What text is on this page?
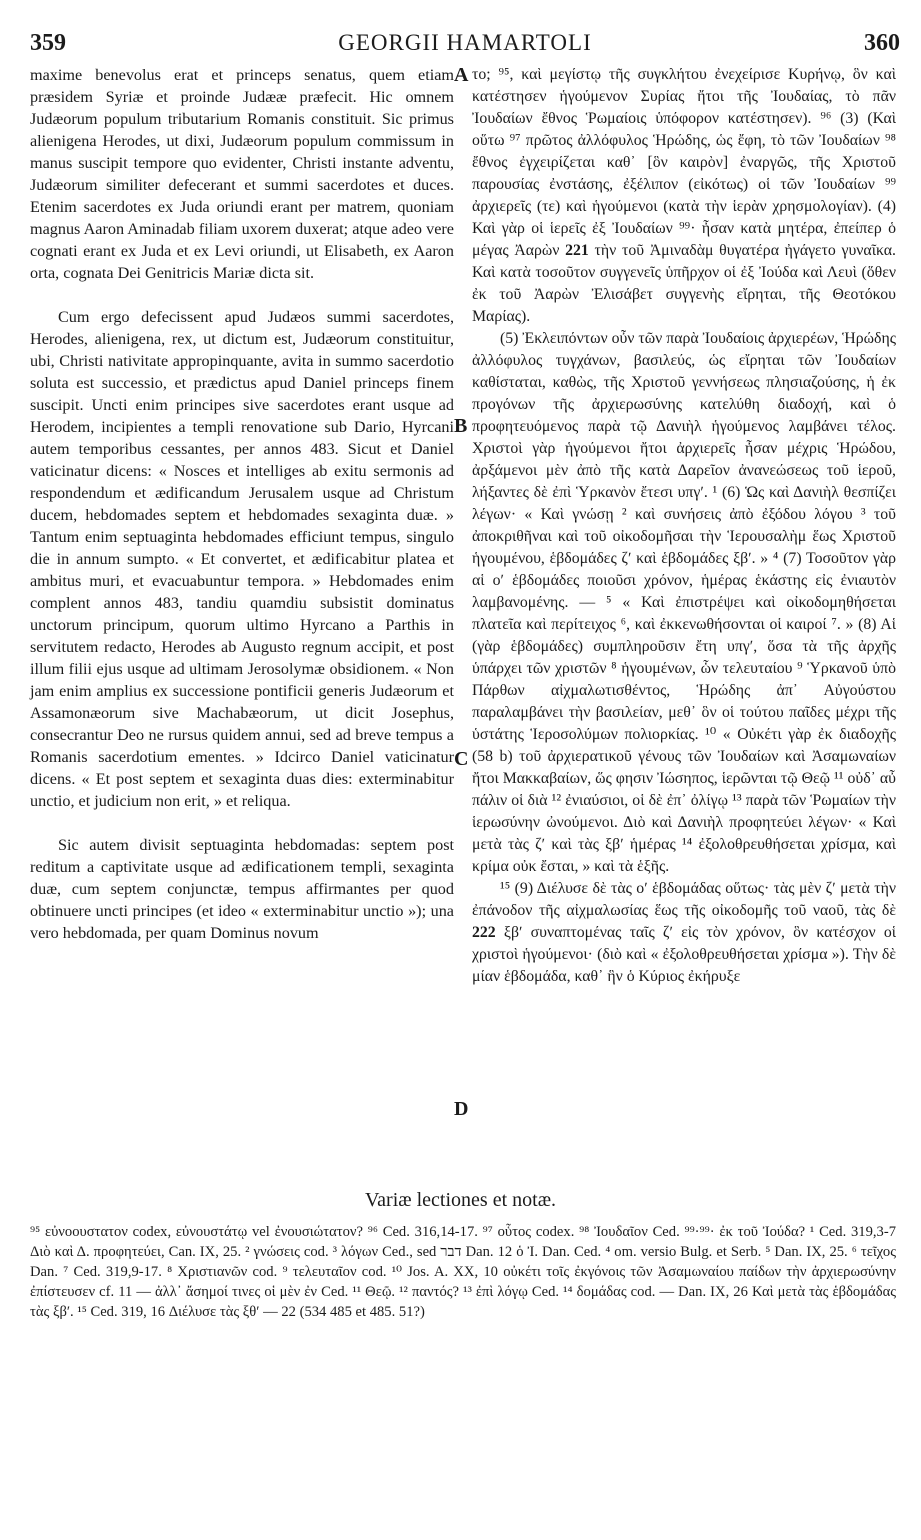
359	GEORGII HAMARTOLI	360
A
B
C
D

maxime benevolus erat et princeps senatus, quem etiam præsidem Syriæ et proinde Judææ præfecit. Hic omnem Judæorum populum tributarium Romanis constituit. Sic primus alienigena Herodes, ut dixi, Judæorum populum commissum in manus suscipit tempore quo evidenter, Christi instante adventu, Judæorum similiter defecerant et summi sacerdotes et duces. Etenim sacerdotes ex Juda oriundi erant per matrem, quoniam magnus Aaron Aminadab filiam uxorem duxerat; atque adeo vere cognati erant ex Juda et ex Levi oriundi, ut Elisabeth, ex Aaron orta, cognata Dei Genitricis Mariæ dicta sit.

Cum ergo defecissent apud Judæos summi sacerdotes, Herodes, alienigena, rex, ut dictum est, Judæorum constituitur, ubi, Christi nativitate appropinquante, avita in summo sacerdotio soluta est successio, et prædictus apud Daniel princeps finem suscipit. Uncti enim principes sive sacerdotes erant usque ad Herodem, incipientes a templi renovatione sub Dario, Hyrcani autem temporibus cessantes, per annos 483. Sicut et Daniel vaticinatur dicens: « Nosces et intelliges ab exitu sermonis ad respondendum et ædificandum Jerusalem usque ad Christum ducem, hebdomades septem et hebdomades sexaginta duæ. » Tantum enim septuaginta hebdomades efficiunt tempus, singulo die in annum sumpto. « Et convertet, et ædificabitur platea et ambitus muri, et evacuabuntur tempora. » Hebdomades enim complent annos 483, tandiu quamdiu subsistit dominatus unctorum principum, quorum ultimo Hyrcano a Parthis in servitutem redacto, Herodes ab Augusto regnum accipit, et post illum filii ejus usque ad ultimam Jerosolymæ obsidionem. « Non jam enim amplius ex successione pontificii generis Judæorum et Assamonæorum sive Machabæorum, ut dicit Josephus, consecrantur Deo ne rursus quidem annui, sed ad breve tempus a Romanis sacerdotium ementes. » Idcirco Daniel vaticinatur dicens. « Et post septem et sexaginta duas dies: exterminabitur unctio, et judicium non erit, » et reliqua.

Sic autem divisit septuaginta hebdomadas: septem post reditum a captivitate usque ad ædificationem templi, sexaginta duæ, cum septem conjunctæ, tempus affirmantes per quod obtinuere uncti principes (et ideo « exterminabitur unctio »); una vero hebdomada, per quam Dominus novum

το; ⁹⁵, καὶ μεγίστῳ τῆς συγκλήτου ἐνεχείρισε Κυρήνῳ, ὃν καὶ κατέστησεν ἡγούμενον Συρίας ἤτοι τῆς Ἰουδαίας, τὸ πᾶν Ἰουδαίων ἔθνος Ῥωμαίοις ὑπόφορον κατέστησεν). ⁹⁶ (3) (Καὶ οὕτω ⁹⁷ πρῶτος ἀλλόφυλος Ἡρώδης, ὡς ἔφη, τὸ τῶν Ἰουδαίων ⁹⁸ ἔθνος ἐγχειρίζεται καθ᾽ [ὃν καιρὸν] ἐναργῶς, τῆς Χριστοῦ παρουσίας ἐνστάσης, ἐξέλιπον (εἰκότως) οἱ τῶν Ἰουδαίων ⁹⁹ ἀρχιερεῖς (τε) καὶ ἡγούμενοι (κατὰ τὴν ἱερὰν χρησμολογίαν). (4) Καὶ γὰρ οἱ ἱερεῖς ἐξ Ἰουδαίων ⁹⁹· ἦσαν κατὰ μητέρα, ἐπείπερ ὁ μέγας Ἀαρὼν 221 τὴν τοῦ Ἀμιναδὰμ θυγατέρα ἠγάγετο γυναῖκα. Καὶ κατὰ τοσοῦτον συγγενεῖς ὑπῆρχον οἱ ἐξ Ἰούδα καὶ Λευὶ (ὅθεν ἐκ τοῦ Ἀαρὼν Ἐλισάβετ συγγενὴς εἴρηται, τῆς Θεοτόκου Μαρίας).

(5) Ἐκλειπόντων οὖν τῶν παρὰ Ἰουδαίοις ἀρχιερέων, Ἡρώδης ἀλλόφυλος τυγχάνων, βασιλεύς, ὡς εἴρηται τῶν Ἰουδαίων καθίσταται, καθὼς, τῆς Χριστοῦ γεννήσεως πλησιαζούσης, ἡ ἐκ προγόνων τῆς ἀρχιερωσύνης κατελύθη διαδοχή, καὶ ὁ προφητευόμενος παρὰ τῷ Δανιὴλ ἡγούμενος λαμβάνει τέλος. Χριστοὶ γὰρ ἡγούμενοι ἤτοι ἀρχιερεῖς ἦσαν μέχρις Ἡρώδου, ἀρξάμενοι μὲν ἀπὸ τῆς κατὰ Δαρεῖον ἀνανεώσεως τοῦ ἱεροῦ, λήξαντες δὲ ἐπὶ Ὑρκανὸν ἔτεσι υπγʹ. ¹ (6) Ὡς καὶ Δανιὴλ θεσπίζει λέγων· « Καὶ γνώσῃ ² καὶ συνήσεις ἀπὸ ἐξόδου λόγου ³ τοῦ ἀποκριθῆναι καὶ τοῦ οἰκοδομῆσαι τὴν Ἱερουσαλὴμ ἕως Χριστοῦ ἡγουμένου, ἑβδομάδες ζʹ καὶ ἑβδομάδες ξβʹ. » ⁴ (7) Τοσοῦτον γὰρ αἱ οʹ ἑβδομάδες ποιοῦσι χρόνον, ἡμέρας ἑκάστης εἰς ἐνιαυτὸν λαμβανομένης. — ⁵ « Καὶ ἐπιστρέψει καὶ οἰκοδομηθήσεται πλατεῖα καὶ περίτειχος ⁶, καὶ ἐκκενωθήσονται οἱ καιροί ⁷. » (8) Αἱ (γὰρ ἑβδομάδες) συμπληροῦσιν ἔτη υπγʹ, ὅσα τὰ τῆς ἀρχῆς ὑπάρχει τῶν χριστῶν ⁸ ἡγουμένων, ὧν τελευταίου ⁹ Ὑρκανοῦ ὑπὸ Πάρθων αἰχμαλωτισθέντος, Ἡρώδης ἀπ᾽ Αὐγούστου παραλαμβάνει τὴν βασιλείαν, μεθ᾽ ὃν οἱ τούτου παῖδες μέχρι τῆς ὑστάτης Ἱεροσολύμων πολιορκίας. ¹⁰ « Οὐκέτι γὰρ ἐκ διαδοχῆς (58 b) τοῦ ἀρχιερατικοῦ γένους τῶν Ἰουδαίων καὶ Ἀσαμωναίων ἤτοι Μακκαβαίων, ὥς φησιν Ἰώσηπος, ἱερῶνται τῷ Θεῷ ¹¹ οὐδ᾽ αὖ πάλιν οἱ διὰ ¹² ἐνιαύσιοι, οἱ δὲ ἐπ᾽ ὀλίγῳ ¹³ παρὰ τῶν Ῥωμαίων τὴν ἱερωσύνην ὠνούμενοι. Διὸ καὶ Δανιὴλ προφητεύει λέγων· « Καὶ μετὰ τὰς ζʹ καὶ τὰς ξβʹ ἡμέρας ¹⁴ ἐξολοθρευθήσεται χρίσμα, καὶ κρίμα οὐκ ἔσται, » καὶ τὰ ἑξῆς.

¹⁵ (9) Διέλυσε δὲ τὰς οʹ ἑβδομάδας οὕτως· τὰς μὲν ζʹ μετὰ τὴν ἐπάνοδον τῆς αἰχμαλωσίας ἕως τῆς οἰκοδομῆς τοῦ ναοῦ, τὰς δὲ 222 ξβʹ συναπτομένας ταῖς ζʹ εἰς τὸν χρόνον, ὃν κατέσχον οἱ χριστοὶ ἡγούμενοι· (διὸ καὶ « ἐξολοθρευθήσεται χρίσμα »). Τὴν δὲ μίαν ἑβδομάδα, καθ᾽ ἣν ὁ Κύριος ἐκήρυξε

Variæ lectiones et notæ.

⁹⁵ εὐνοουστατον codex, εὐνουστάτῳ vel ἐνουσιώτατον? ⁹⁶ Ced. 316,14-17. ⁹⁷ οὗτος codex. ⁹⁸ Ἰουδαῖον Ced. ⁹⁹·⁹⁹· ἐκ τοῦ Ἰούδα? ¹ Ced. 319,3-7 Διὸ καὶ Δ. προφητεύει, Can. IX, 25. ² γνώσεις cod. ³ λόγων Ced., sed דבר Dan. 12 ὁ Ἰ. Dan. Ced. ⁴ om. versio Bulg. et Serb. ⁵ Dan. IX, 25. ⁶ τεῖχος Dan. ⁷ Ced. 319,9-17. ⁸ Χριστιανῶν cod. ⁹ τελευταῖον cod. ¹⁰ Jos. A. XX, 10 οὐκέτι τοῖς ἐκγόνοις τῶν Ἀσαμωναίου παίδων τὴν ἀρχιερωσύνην ἐπίστευσεν cf. 11 — ἀλλ᾽ ἄσημοί τινες οἱ μὲν ἐν Ced. ¹¹ Θεῷ. ¹² παντός? ¹³ ἐπὶ λόγῳ Ced. ¹⁴ δομάδας cod. — Dan. IX, 26 Καὶ μετὰ τὰς ἑβδομάδας τὰς ξβʹ. ¹⁵ Ced. 319, 16 Διέλυσε τὰς ξθʹ — 22 (534 485 et 485. 51?)
